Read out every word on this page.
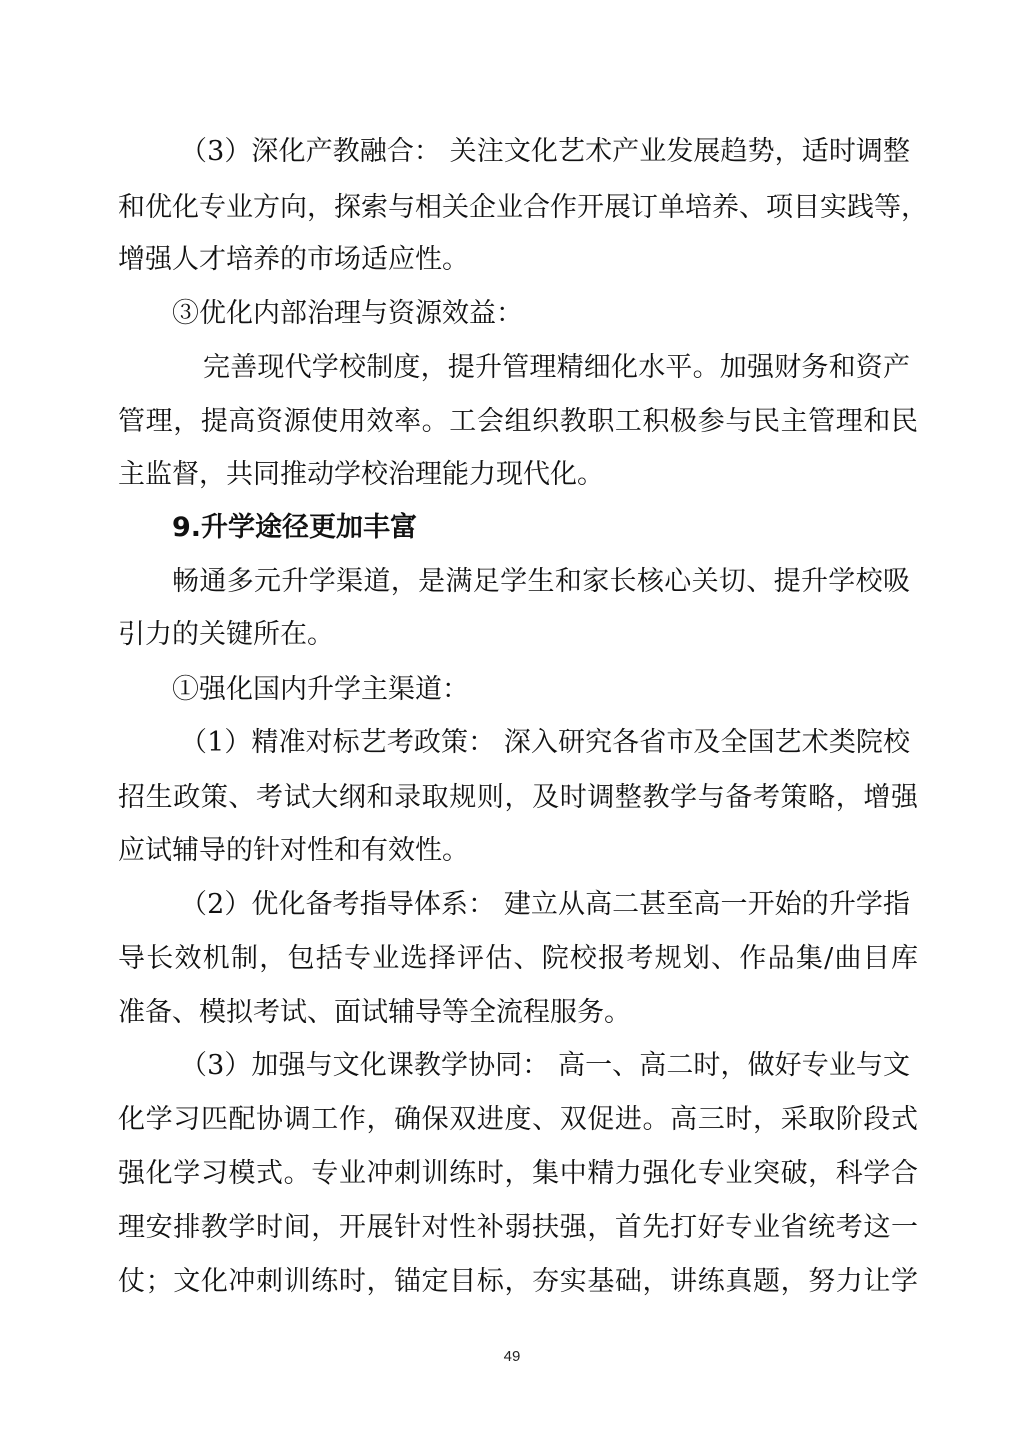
（3）深化产教融合： 关注文化艺术产业发展趋势，适时调整
和优化专业方向，探索与相关企业合作开展订单培养、项目实践等，
增强人才培养的市场适应性。
③优化内部治理与资源效益：
完善现代学校制度，提升管理精细化水平。加强财务和资产
管理，提高资源使用效率。工会组织教职工积极参与民主管理和民
主监督，共同推动学校治理能力现代化。
9.升学途径更加丰富
畅通多元升学渠道，是满足学生和家长核心关切、提升学校吸
引力的关键所在。
①强化国内升学主渠道：
（1）精准对标艺考政策： 深入研究各省市及全国艺术类院校
招生政策、考试大纲和录取规则，及时调整教学与备考策略，增强
应试辅导的针对性和有效性。
（2）优化备考指导体系： 建立从高二甚至高一开始的升学指
导长效机制，包括专业选择评估、院校报考规划、作品集/曲目库
准备、模拟考试、面试辅导等全流程服务。
（3）加强与文化课教学协同： 高一、高二时，做好专业与文
化学习匹配协调工作，确保双进度、双促进。高三时，采取阶段式
强化学习模式。专业冲刺训练时，集中精力强化专业突破，科学合
理安排教学时间，开展针对性补弱扶强，首先打好专业省统考这一
仗；文化冲刺训练时，锚定目标，夯实基础，讲练真题，努力让学
49
